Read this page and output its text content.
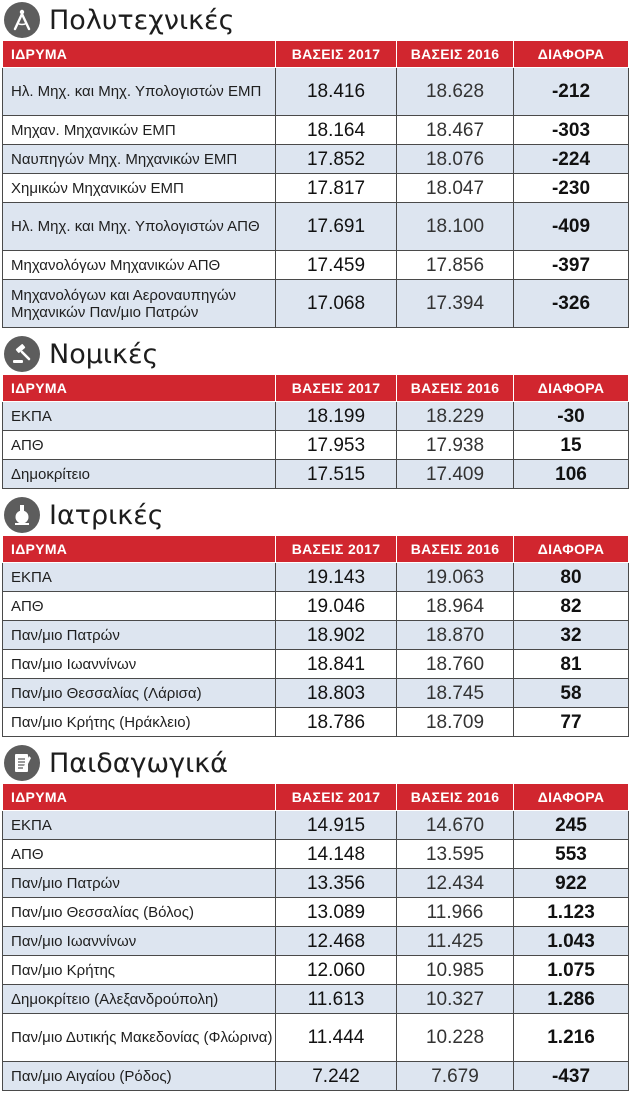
Πολυτεχνικές
ΙΔΡΥΜΑ	ΒΑΣΕΙΣ 2017	ΒΑΣΕΙΣ 2016	ΔΙΑΦΟΡΑ
Ηλ. Μηχ. και Μηχ. Υπολογιστών ΕΜΠ	18.416	18.628	-212
Μηχαν. Μηχανικών ΕΜΠ	18.164	18.467	-303
Ναυπηγών Μηχ. Μηχανικών ΕΜΠ	17.852	18.076	-224
Χημικών Μηχανικών ΕΜΠ	17.817	18.047	-230
Ηλ. Μηχ. και Μηχ. Υπολογιστών ΑΠΘ	17.691	18.100	-409
Μηχανολόγων Μηχανικών ΑΠΘ	17.459	17.856	-397
Μηχανολόγων και Αεροναυπηγών Μηχανικών Παν/μιο Πατρών	17.068	17.394	-326
Νομικές
ΙΔΡΥΜΑ	ΒΑΣΕΙΣ 2017	ΒΑΣΕΙΣ 2016	ΔΙΑΦΟΡΑ
ΕΚΠΑ	18.199	18.229	-30
ΑΠΘ	17.953	17.938	15
Δημοκρίτειο	17.515	17.409	106
Ιατρικές
ΙΔΡΥΜΑ	ΒΑΣΕΙΣ 2017	ΒΑΣΕΙΣ 2016	ΔΙΑΦΟΡΑ
ΕΚΠΑ	19.143	19.063	80
ΑΠΘ	19.046	18.964	82
Παν/μιο Πατρών	18.902	18.870	32
Παν/μιο Ιωαννίνων	18.841	18.760	81
Παν/μιο Θεσσαλίας (Λάρισα)	18.803	18.745	58
Παν/μιο Κρήτης (Ηράκλειο)	18.786	18.709	77
Παιδαγωγικά
ΙΔΡΥΜΑ	ΒΑΣΕΙΣ 2017	ΒΑΣΕΙΣ 2016	ΔΙΑΦΟΡΑ
ΕΚΠΑ	14.915	14.670	245
ΑΠΘ	14.148	13.595	553
Παν/μιο Πατρών	13.356	12.434	922
Παν/μιο Θεσσαλίας (Βόλος)	13.089	11.966	1.123
Παν/μιο Ιωαννίνων	12.468	11.425	1.043
Παν/μιο Κρήτης	12.060	10.985	1.075
Δημοκρίτειο (Αλεξανδρούπολη)	11.613	10.327	1.286
Παν/μιο Δυτικής Μακεδονίας (Φλώρινα)	11.444	10.228	1.216
Παν/μιο Αιγαίου (Ρόδος)	7.242	7.679	-437
